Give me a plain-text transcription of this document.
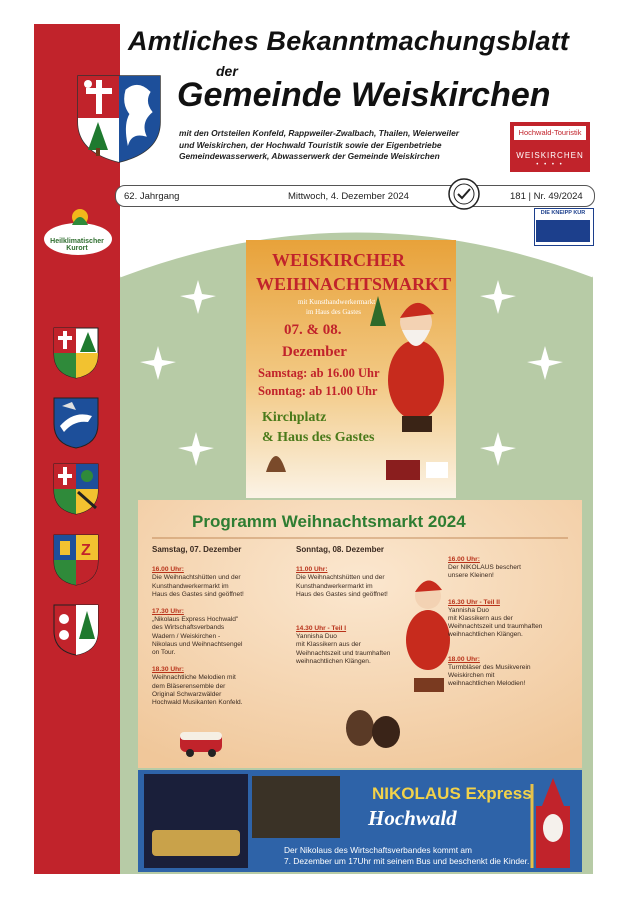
Amtliches Bekanntmachungsblatt
der
Gemeinde Weiskirchen
mit den Ortsteilen Konfeld, Rappweiler-Zwalbach, Thailen, Weierweiler
und Weiskirchen, der Hochwald Touristik sowie der Eigenbetriebe
Gemeindewasserwerk, Abwasserwerk der Gemeinde Weiskirchen
Hochwald-Touristik
WEISKIRCHEN
• • • •
62. Jahrgang	Mittwoch, 4. Dezember 2024	181 | Nr. 49/2024
DIE KNEIPP KUR
Heilklimatischer
Kurort
Z
WEISKIRCHER
WEIHNACHTSMARKT
mit Kunsthandwerkermarkt
im Haus des Gastes
07. & 08.
Dezember
Samstag: ab 16.00 Uhr
Sonntag: ab 11.00 Uhr
Kirchplatz
& Haus des Gastes
Programm Weihnachtsmarkt 2024
Samstag, 07. Dezember
16.00 Uhr:
Die Weihnachtshütten und der
Kunsthandwerkermarkt im
Haus des Gastes sind geöffnet!
17.30 Uhr:
„Nikolaus Express Hochwald"
des Wirtschaftsverbands
Wadern / Weiskirchen -
Nikolaus und Weihnachtsengel
on Tour.
18.30 Uhr:
Weihnachtliche Melodien mit
dem Bläserensemble der
Original Schwarzwälder
Hochwald Musikanten Konfeld.
Sonntag, 08. Dezember
11.00 Uhr:
Die Weihnachtshütten und der
Kunsthandwerkermarkt im
Haus des Gastes sind geöffnet!
14.30 Uhr - Teil I
Yannisha Duo
mit Klassikern aus der
Weihnachtszeit und traumhaften
weihnachtlichen Klängen.
16.00 Uhr:
Der NIKOLAUS beschert
unsere Kleinen!
16.30 Uhr - Teil II
Yannisha Duo
mit Klassikern aus der
Weihnachtszeit und traumhaften
weihnachtlichen Klängen.
18.00 Uhr:
Turmbläser des Musikverein
Weiskirchen mit
weihnachtlichen Melodien!
NIKOLAUS Express
Hochwald
Der Nikolaus des Wirtschaftsverbandes kommt am
7. Dezember um 17Uhr mit seinem Bus und beschenkt die Kinder.
